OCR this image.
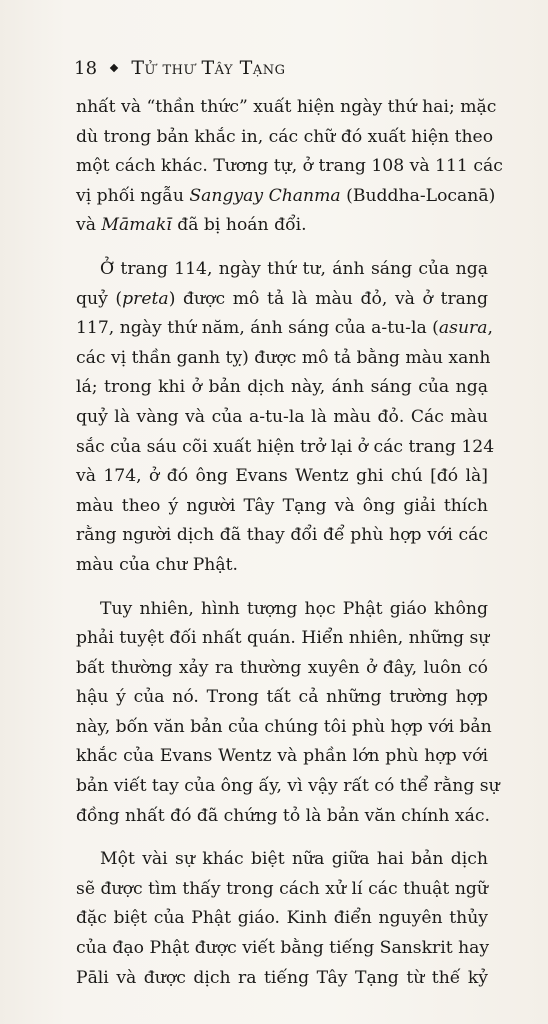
18 Tử thư Tây Tạng

nhất và “thần thức” xuất hiện ngày thứ hai; mặc
dù trong bản khắc in, các chữ đó xuất hiện theo
một cách khác. Tương tự, ở trang 108 và 111 các
vị phối ngẫu Sangyay Chanma (Buddha-Locanā)
và Māmakī đã bị hoán đổi.

Ở trang 114, ngày thứ tư, ánh sáng của ngạ
quỷ (preta) được mô tả là màu đỏ, và ở trang
117, ngày thứ năm, ánh sáng của a-tu-la (asura,
các vị thần ganh tỵ) được mô tả bằng màu xanh
lá; trong khi ở bản dịch này, ánh sáng của ngạ
quỷ là vàng và của a-tu-la là màu đỏ. Các màu
sắc của sáu cõi xuất hiện trở lại ở các trang 124
và 174, ở đó ông Evans Wentz ghi chú [đó là]
màu theo ý người Tây Tạng và ông giải thích
rằng người dịch đã thay đổi để phù hợp với các
màu của chư Phật.

Tuy nhiên, hình tượng học Phật giáo không
phải tuyệt đối nhất quán. Hiển nhiên, những sự
bất thường xảy ra thường xuyên ở đây, luôn có
hậu ý của nó. Trong tất cả những trường hợp
này, bốn văn bản của chúng tôi phù hợp với bản
khắc của Evans Wentz và phần lớn phù hợp với
bản viết tay của ông ấy, vì vậy rất có thể rằng sự
đồng nhất đó đã chứng tỏ là bản văn chính xác.

Một vài sự khác biệt nữa giữa hai bản dịch
sẽ được tìm thấy trong cách xử lí các thuật ngữ
đặc biệt của Phật giáo. Kinh điển nguyên thủy
của đạo Phật được viết bằng tiếng Sanskrit hay
Pāli và được dịch ra tiếng Tây Tạng từ thế kỷ
